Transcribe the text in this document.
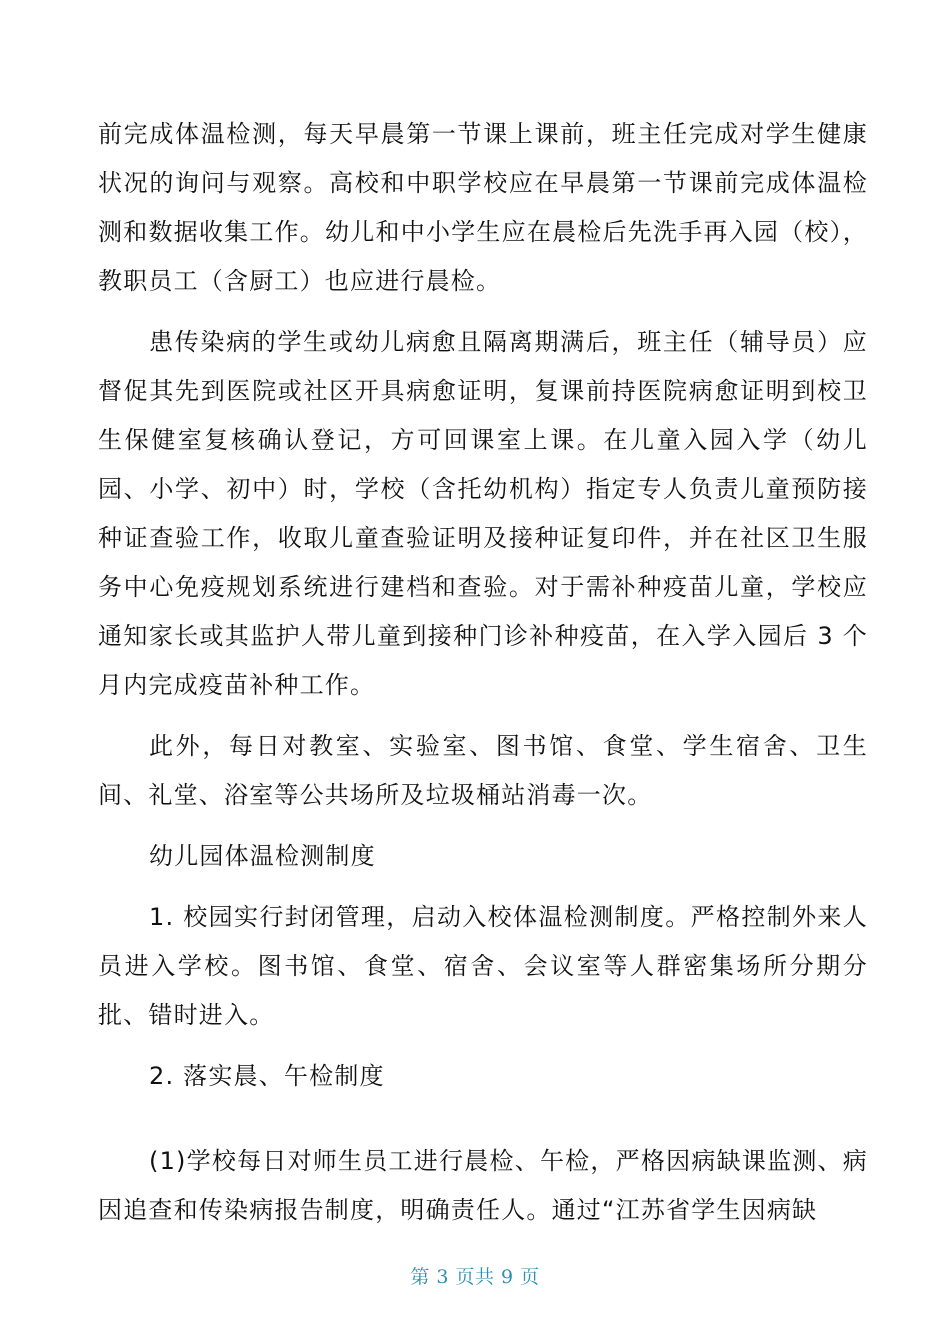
前完成体温检测，每天早晨第一节课上课前，班主任完成对学生健康状况的询问与观察。高校和中职学校应在早晨第一节课前完成体温检测和数据收集工作。幼儿和中小学生应在晨检后先洗手再入园（校），教职员工（含厨工）也应进行晨检。

患传染病的学生或幼儿病愈且隔离期满后，班主任（辅导员）应督促其先到医院或社区开具病愈证明，复课前持医院病愈证明到校卫生保健室复核确认登记，方可回课室上课。在儿童入园入学（幼儿园、小学、初中）时，学校（含托幼机构）指定专人负责儿童预防接种证查验工作，收取儿童查验证明及接种证复印件，并在社区卫生服务中心免疫规划系统进行建档和查验。对于需补种疫苗儿童，学校应通知家长或其监护人带儿童到接种门诊补种疫苗，在入学入园后 3 个月内完成疫苗补种工作。

此外，每日对教室、实验室、图书馆、食堂、学生宿舍、卫生间、礼堂、浴室等公共场所及垃圾桶站消毒一次。

幼儿园体温检测制度

1. 校园实行封闭管理，启动入校体温检测制度。严格控制外来人员进入学校。图书馆、食堂、宿舍、会议室等人群密集场所分期分批、错时进入。

2. 落实晨、午检制度

(1)学校每日对师生员工进行晨检、午检，严格因病缺课监测、病因追查和传染病报告制度，明确责任人。通过“江苏省学生因病缺

第 3 页共 9 页
